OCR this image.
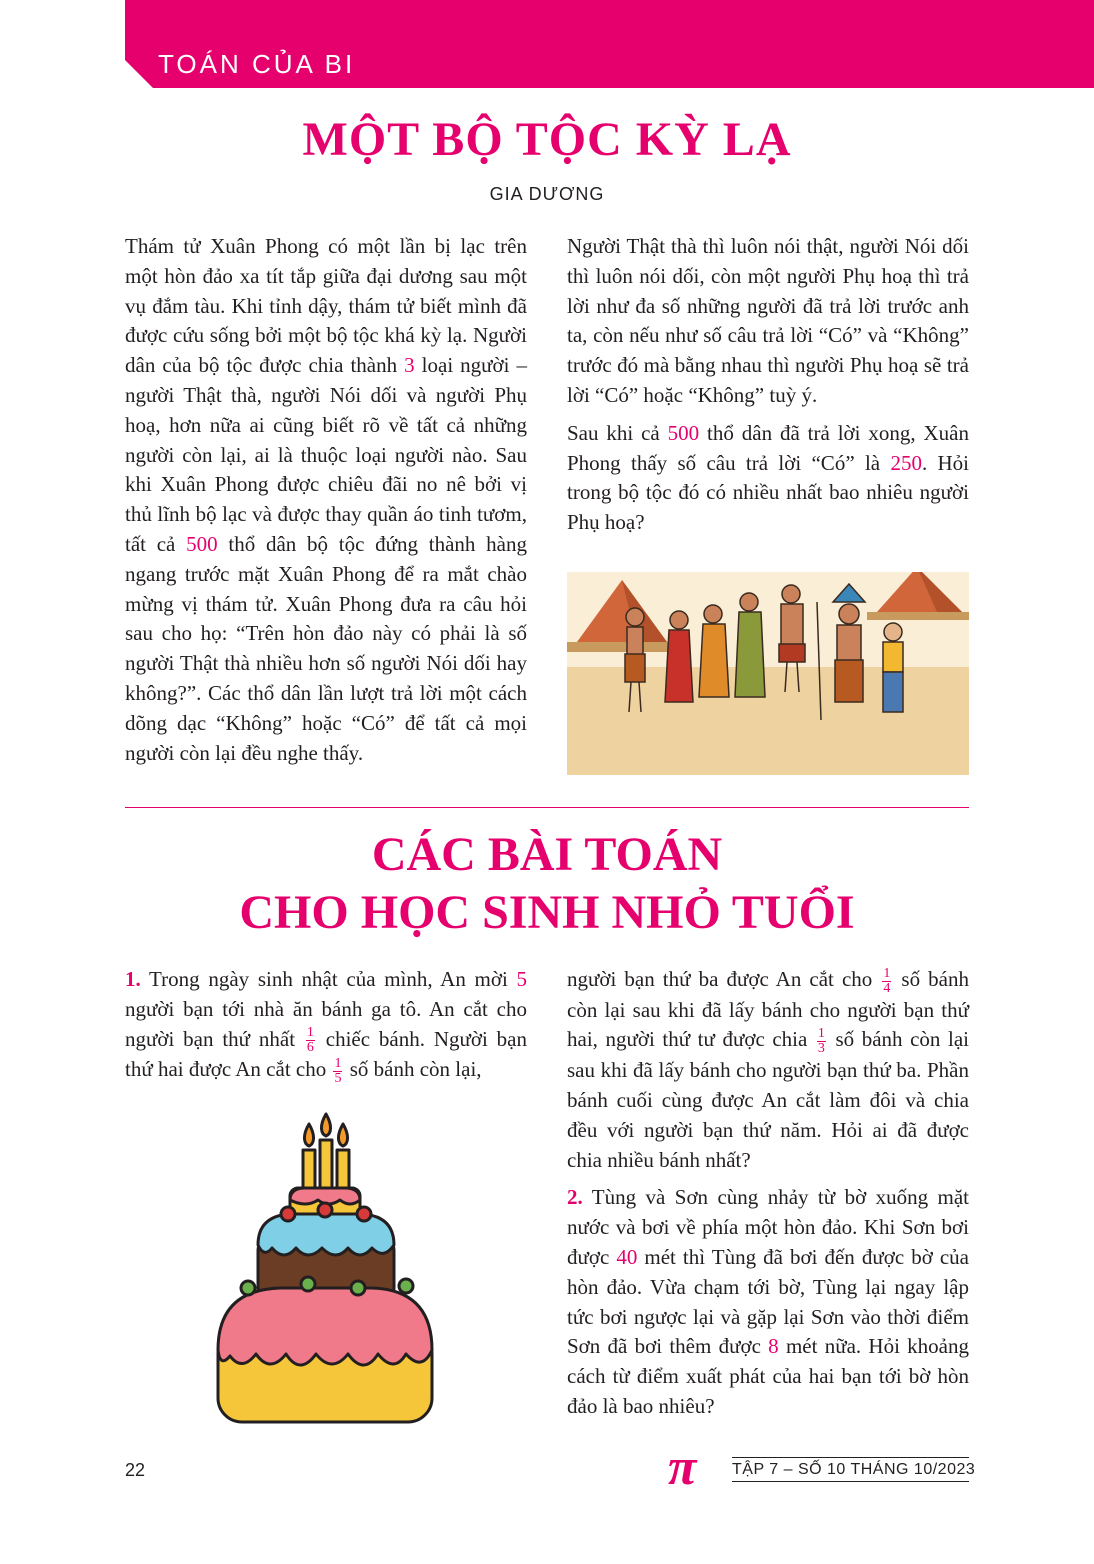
TOÁN CỦA BI
MỘT BỘ TỘC KỲ LẠ
GIA DƯƠNG

Thám tử Xuân Phong có một lần bị lạc trên một hòn đảo xa tít tắp giữa đại dương sau một vụ đắm tàu. Khi tỉnh dậy, thám tử biết mình đã được cứu sống bởi một bộ tộc khá kỳ lạ. Người dân của bộ tộc được chia thành 3 loại người – người Thật thà, người Nói dối và người Phụ hoạ, hơn nữa ai cũng biết rõ về tất cả những người còn lại, ai là thuộc loại người nào. Sau khi Xuân Phong được chiêu đãi no nê bởi vị thủ lĩnh bộ lạc và được thay quần áo tinh tươm, tất cả 500 thổ dân bộ tộc đứng thành hàng ngang trước mặt Xuân Phong để ra mắt chào mừng vị thám tử. Xuân Phong đưa ra câu hỏi sau cho họ: “Trên hòn đảo này có phải là số người Thật thà nhiều hơn số người Nói dối hay không?”. Các thổ dân lần lượt trả lời một cách dõng dạc “Không” hoặc “Có” để tất cả mọi người còn lại đều nghe thấy.

Người Thật thà thì luôn nói thật, người Nói dối thì luôn nói dối, còn một người Phụ hoạ thì trả lời như đa số những người đã trả lời trước anh ta, còn nếu như số câu trả lời “Có” và “Không” trước đó mà bằng nhau thì người Phụ hoạ sẽ trả lời “Có” hoặc “Không” tuỳ ý.

Sau khi cả 500 thổ dân đã trả lời xong, Xuân Phong thấy số câu trả lời “Có” là 250. Hỏi trong bộ tộc đó có nhiều nhất bao nhiêu người Phụ hoạ?

CÁC BÀI TOÁN
CHO HỌC SINH NHỎ TUỔI

1. Trong ngày sinh nhật của mình, An mời 5 người bạn tới nhà ăn bánh ga tô. An cắt cho người bạn thứ nhất $\frac{1}{6}$ chiếc bánh. Người bạn thứ hai được An cắt cho $\frac{1}{5}$ số bánh còn lại,

người bạn thứ ba được An cắt cho $\frac{1}{4}$ số bánh còn lại sau khi đã lấy bánh cho người bạn thứ hai, người thứ tư được chia $\frac{1}{3}$ số bánh còn lại sau khi đã lấy bánh cho người bạn thứ ba. Phần bánh cuối cùng được An cắt làm đôi và chia đều với người bạn thứ năm. Hỏi ai đã được chia nhiều bánh nhất?

2. Tùng và Sơn cùng nhảy từ bờ xuống mặt nước và bơi về phía một hòn đảo. Khi Sơn bơi được 40 mét thì Tùng đã bơi đến được bờ của hòn đảo. Vừa chạm tới bờ, Tùng lại ngay lập tức bơi ngược lại và gặp lại Sơn vào thời điểm Sơn đã bơi thêm được 8 mét nữa. Hỏi khoảng cách từ điểm xuất phát của hai bạn tới bờ hòn đảo là bao nhiêu?

22	π TẬP 7 – SỐ 10 THÁNG 10/2023
